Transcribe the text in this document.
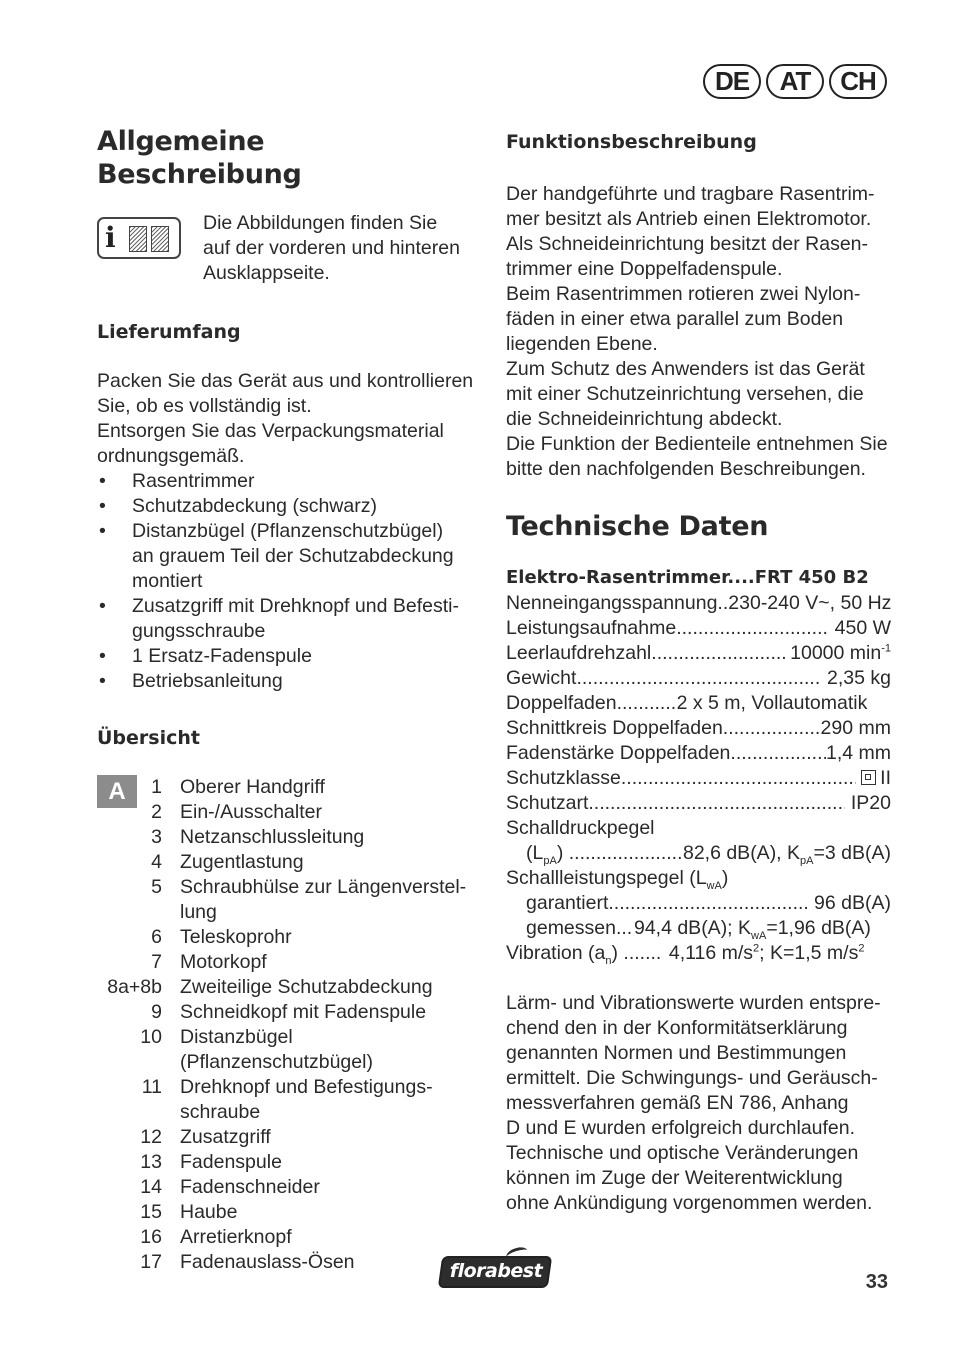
DE	AT	CH
Allgemeine
Beschreibung
i	Die Abbildungen finden Sie
auf der vorderen und hinteren
Ausklappseite.
Lieferumfang
Packen Sie das Gerät aus und kontrollieren
Sie, ob es vollständig ist.
Entsorgen Sie das Verpackungsmaterial
ordnungsgemäß.
• Rasentrimmer
• Schutzabdeckung (schwarz)
• Distanzbügel (Pflanzenschutzbügel)
an grauem Teil der Schutzabdeckung
montiert
• Zusatzgriff mit Drehknopf und Befesti-
gungsschraube
• 1 Ersatz-Fadenspule
• Betriebsanleitung
Übersicht
A	1 Oberer Handgriff
2 Ein-/Ausschalter
3 Netzanschlussleitung
4 Zugentlastung
5 Schraubhülse zur Längenverstel-
lung
6 Teleskoprohr
7 Motorkopf
8a+8b Zweiteilige Schutzabdeckung
9 Schneidkopf mit Fadenspule
10 Distanzbügel (Pflanzenschutzbügel)
11 Drehknopf und Befestigungs-
schraube
12 Zusatzgriff
13 Fadenspule
14 Fadenschneider
15 Haube
16 Arretierknopf
17 Fadenauslass-Ösen
Funktionsbeschreibung
Der handgeführte und tragbare Rasentrim-
mer besitzt als Antrieb einen Elektromotor.
Als Schneideinrichtung besitzt der Rasen-
trimmer eine Doppelfadenspule.
Beim Rasentrimmen rotieren zwei Nylon-
fäden in einer etwa parallel zum Boden
liegenden Ebene.
Zum Schutz des Anwenders ist das Gerät
mit einer Schutzeinrichtung versehen, die
die Schneideinrichtung abdeckt.
Die Funktion der Bedienteile entnehmen Sie
bitte den nachfolgenden Beschreibungen.
Technische Daten
Elektro-Rasentrimmer....FRT 450 B2
Nenneingangsspannung.. 230-240 V~, 50 Hz
Leistungsaufnahme .....	450 W
Leerlaufdrehzahl .....	10000 $\min^{-1}$
Gewicht .....	2,35 kg
Doppelfaden .....	2 x 5 m, Vollautomatik
Schnittkreis Doppelfaden .....	290 mm
Fadenstärke Doppelfaden .....	1,4 mm
Schutzklasse .....	II
Schutzart .....	IP20
Schalldruckpegel
$(L_{pA})$ .....	82,6 dB(A), $K_{pA}=3$ dB(A)
Schallleistungspegel $(L_{wA})$
garantiert .....	96 dB(A)
gemessen ..... 94,4 dB(A); $K_{wA}=1,96$ dB(A)
Vibration $(a_n)$ .....	4,116 $m/s^2$; K=1,5 $m/s^2$
Lärm- und Vibrationswerte wurden entspre-
chend den in der Konformitätserklärung
genannten Normen und Bestimmungen
ermittelt. Die Schwingungs- und Geräusch-
messverfahren gemäß EN 786, Anhang
D und E wurden erfolgreich durchlaufen.
Technische und optische Veränderungen
können im Zuge der Weiterentwicklung
ohne Ankündigung vorgenommen werden.
florabest	33
